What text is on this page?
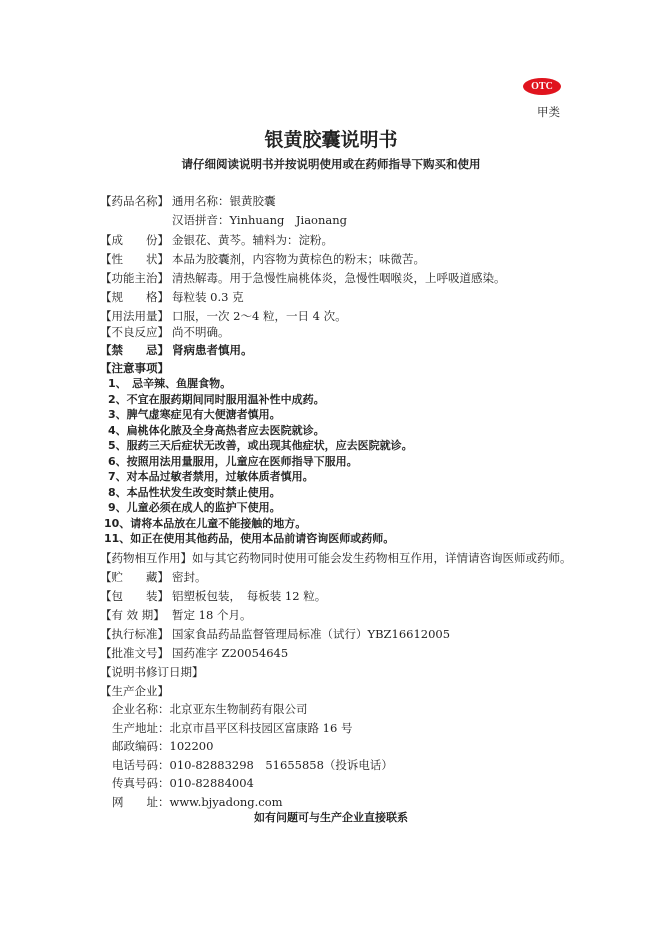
OTC
甲类
银黄胶囊说明书
请仔细阅读说明书并按说明使用或在药师指导下购买和使用
【药品名称】 通用名称：银黄胶囊
汉语拼音：Yinhuang　Jiaonang
【成　　份】 金银花、黄芩。辅料为：淀粉。
【性　　状】 本品为胶囊剂，内容物为黄棕色的粉末；味微苦。
【功能主治】 清热解毒。用于急慢性扁桃体炎，急慢性咽喉炎，上呼吸道感染。
【规　　格】 每粒装 0.3 克
【用法用量】 口服，一次 2～4 粒，一日 4 次。
【不良反应】 尚不明确。
【禁　　忌】 肾病患者慎用。
【注意事项】
1、　忌辛辣、鱼腥食物。
2、不宜在服药期间同时服用温补性中成药。
3、脾气虚寒症见有大便溏者慎用。
4、扁桃体化脓及全身高热者应去医院就诊。
5、服药三天后症状无改善，或出现其他症状，应去医院就诊。
6、按照用法用量服用，儿童应在医师指导下服用。
7、对本品过敏者禁用，过敏体质者慎用。
8、本品性状发生改变时禁止使用。
9、儿童必须在成人的监护下使用。
10、请将本品放在儿童不能接触的地方。
11、如正在使用其他药品，使用本品前请咨询医师或药师。
【药物相互作用】如与其它药物同时使用可能会发生药物相互作用，详情请咨询医师或药师。
【贮　　藏】 密封。
【包　　装】 铝塑板包装，　每板装 12 粒。
【有 效 期】 暂定 18 个月。
【执行标准】 国家食品药品监督管理局标准（试行）YBZ16612005
【批准文号】 国药准字 Z20054645
【说明书修订日期】
【生产企业】
企业名称：北京亚东生物制药有限公司
生产地址：北京市昌平区科技园区富康路 16 号
邮政编码：102200
电话号码：010-82883298　51655858（投诉电话）
传真号码：010-82884004
网　　址：www.bjyadong.com
如有问题可与生产企业直接联系
